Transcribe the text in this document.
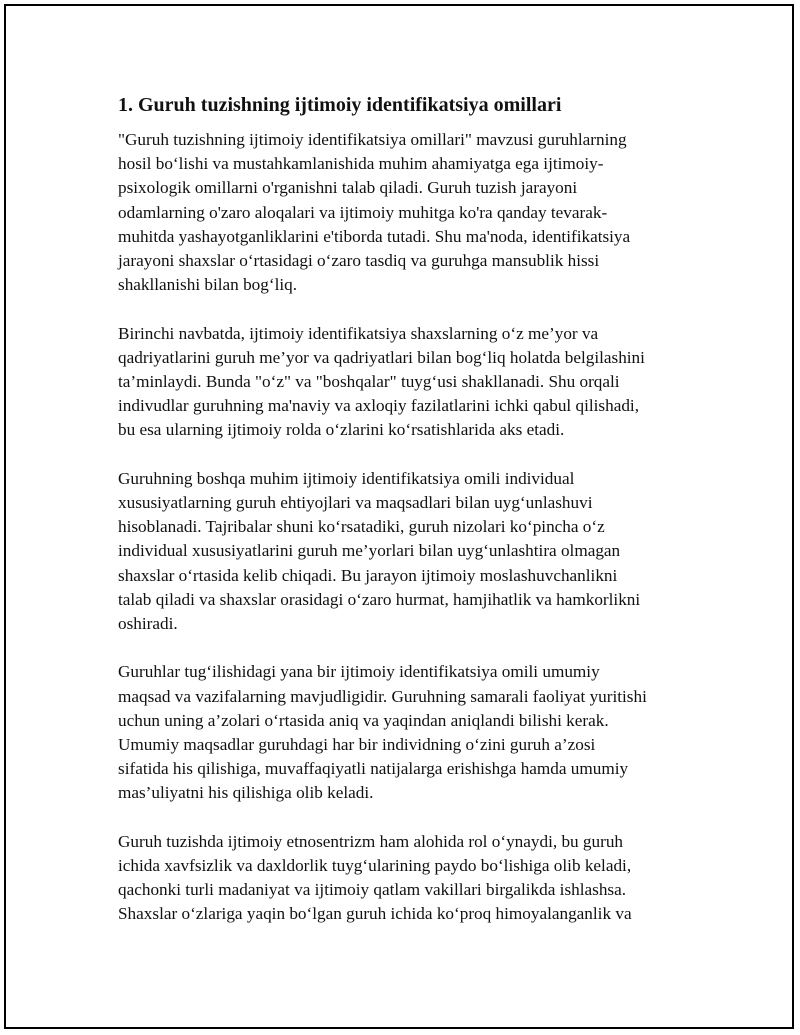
1. Guruh tuzishning ijtimoiy identifikatsiya omillari
"Guruh tuzishning ijtimoiy identifikatsiya omillari" mavzusi guruhlarning
hosil bo‘lishi va mustahkamlanishida muhim ahamiyatga ega ijtimoiy-
psixologik omillarni o'rganishni talab qiladi. Guruh tuzish jarayoni
odamlarning o'zaro aloqalari va ijtimoiy muhitga ko'ra qanday tevarak-
muhitda yashayotganliklarini e'tiborda tutadi. Shu ma'noda, identifikatsiya
jarayoni shaxslar o‘rtasidagi o‘zaro tasdiq va guruhga mansublik hissi
shakllanishi bilan bog‘liq.
Birinchi navbatda, ijtimoiy identifikatsiya shaxslarning o‘z me’yor va
qadriyatlarini guruh me’yor va qadriyatlari bilan bog‘liq holatda belgilashini
ta’minlaydi. Bunda "o‘z" va "boshqalar" tuyg‘usi shakllanadi. Shu orqali
indivudlar guruhning ma'naviy va axloqiy fazilatlarini ichki qabul qilishadi,
bu esa ularning ijtimoiy rolda o‘zlarini ko‘rsatishlarida aks etadi.
Guruhning boshqa muhim ijtimoiy identifikatsiya omili individual
xususiyatlarning guruh ehtiyojlari va maqsadlari bilan uyg‘unlashuvi
hisoblanadi. Tajribalar shuni ko‘rsatadiki, guruh nizolari ko‘pincha o‘z
individual xususiyatlarini guruh me’yorlari bilan uyg‘unlashtira olmagan
shaxslar o‘rtasida kelib chiqadi. Bu jarayon ijtimoiy moslashuvchanlikni
talab qiladi va shaxslar orasidagi o‘zaro hurmat, hamjihatlik va hamkorlikni
oshiradi.
Guruhlar tug‘ilishidagi yana bir ijtimoiy identifikatsiya omili umumiy
maqsad va vazifalarning mavjudligidir. Guruhning samarali faoliyat yuritishi
uchun uning a’zolari o‘rtasida aniq va yaqindan aniqlandi bilishi kerak.
Umumiy maqsadlar guruhdagi har bir individning o‘zini guruh a’zosi
sifatida his qilishiga, muvaffaqiyatli natijalarga erishishga hamda umumiy
mas’uliyatni his qilishiga olib keladi.
Guruh tuzishda ijtimoiy etnosentrizm ham alohida rol o‘ynaydi, bu guruh
ichida xavfsizlik va daxldorlik tuyg‘ularining paydo bo‘lishiga olib keladi,
qachonki turli madaniyat va ijtimoiy qatlam vakillari birgalikda ishlashsa.
Shaxslar o‘zlariga yaqin bo‘lgan guruh ichida ko‘proq himoyalanganlik va
